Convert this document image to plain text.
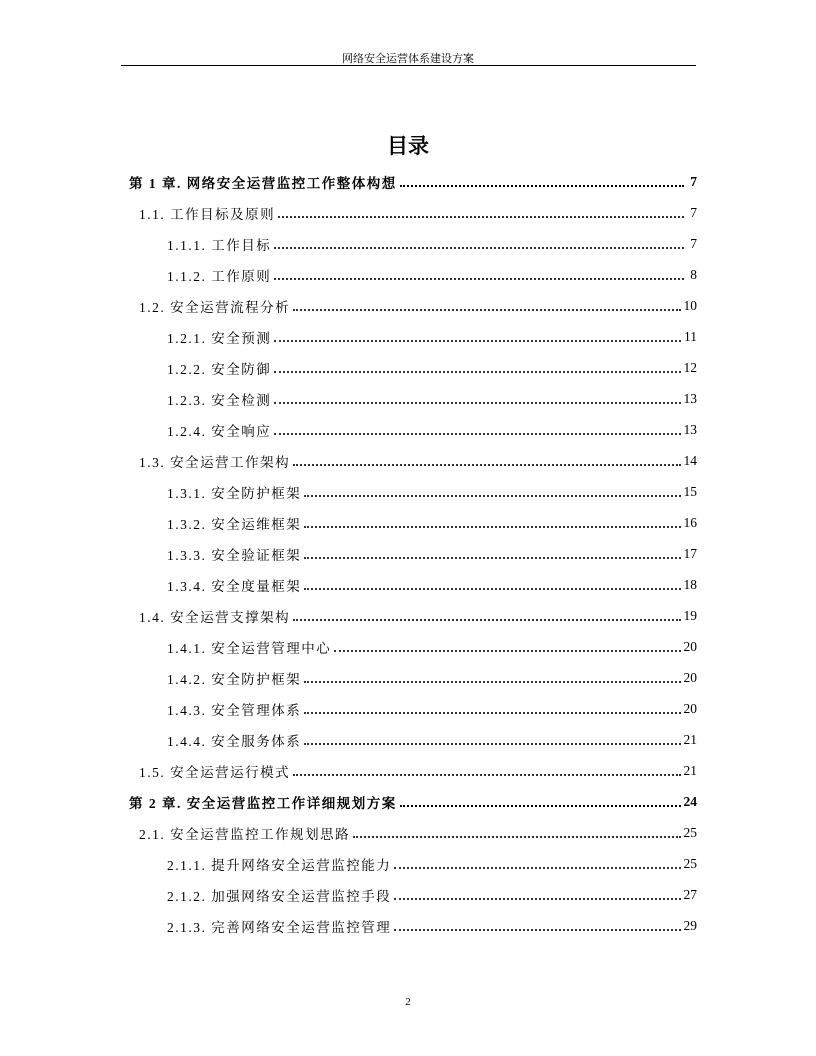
网络安全运营体系建设方案
目录
第 1 章. 网络安全运营监控工作整体构想	7
1.1. 工作目标及原则	7
1.1.1. 工作目标	7
1.1.2. 工作原则	8
1.2. 安全运营流程分析	10
1.2.1. 安全预测	11
1.2.2. 安全防御	12
1.2.3. 安全检测	13
1.2.4. 安全响应	13
1.3. 安全运营工作架构	14
1.3.1. 安全防护框架	15
1.3.2. 安全运维框架	16
1.3.3. 安全验证框架	17
1.3.4. 安全度量框架	18
1.4. 安全运营支撑架构	19
1.4.1. 安全运营管理中心	20
1.4.2. 安全防护框架	20
1.4.3. 安全管理体系	20
1.4.4. 安全服务体系	21
1.5. 安全运营运行模式	21
第 2 章. 安全运营监控工作详细规划方案	24
2.1. 安全运营监控工作规划思路	25
2.1.1. 提升网络安全运营监控能力	25
2.1.2. 加强网络安全运营监控手段	27
2.1.3. 完善网络安全运营监控管理	29
2
